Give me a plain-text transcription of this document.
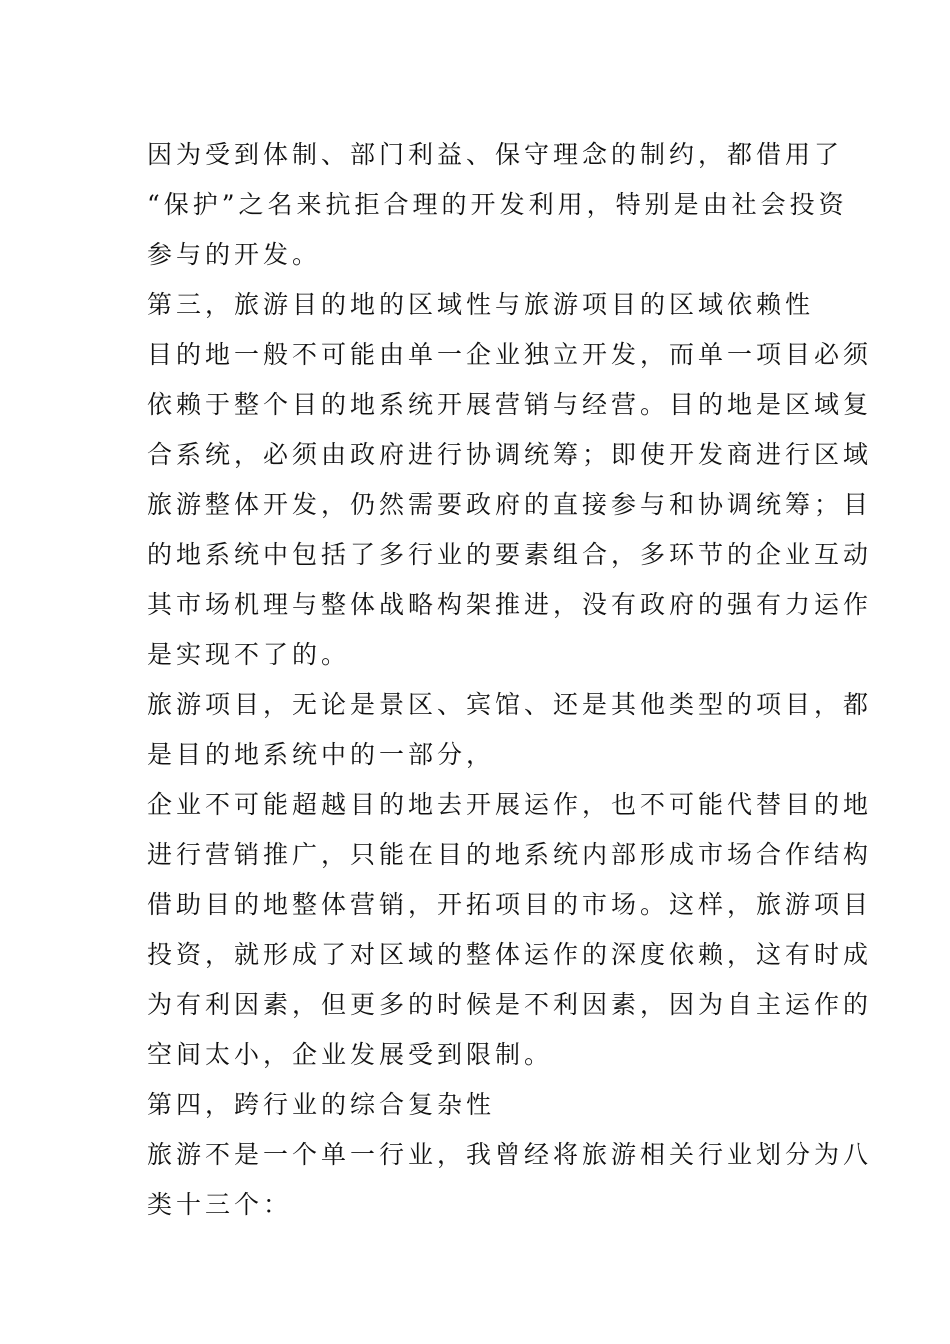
因为受到体制、部门利益、保守理念的制约，都借用了
“保护”之名来抗拒合理的开发利用，特别是由社会投资
参与的开发。
第三，旅游目的地的区域性与旅游项目的区域依赖性
目的地一般不可能由单一企业独立开发，而单一项目必须
依赖于整个目的地系统开展营销与经营。目的地是区域复
合系统，必须由政府进行协调统筹；即使开发商进行区域
旅游整体开发，仍然需要政府的直接参与和协调统筹；目
的地系统中包括了多行业的要素组合，多环节的企业互动
其市场机理与整体战略构架推进，没有政府的强有力运作
是实现不了的。
旅游项目，无论是景区、宾馆、还是其他类型的项目，都
是目的地系统中的一部分，
企业不可能超越目的地去开展运作，也不可能代替目的地
进行营销推广，只能在目的地系统内部形成市场合作结构
借助目的地整体营销，开拓项目的市场。这样，旅游项目
投资，就形成了对区域的整体运作的深度依赖，这有时成
为有利因素，但更多的时候是不利因素，因为自主运作的
空间太小，企业发展受到限制。
第四，跨行业的综合复杂性
旅游不是一个单一行业，我曾经将旅游相关行业划分为八
类十三个：
